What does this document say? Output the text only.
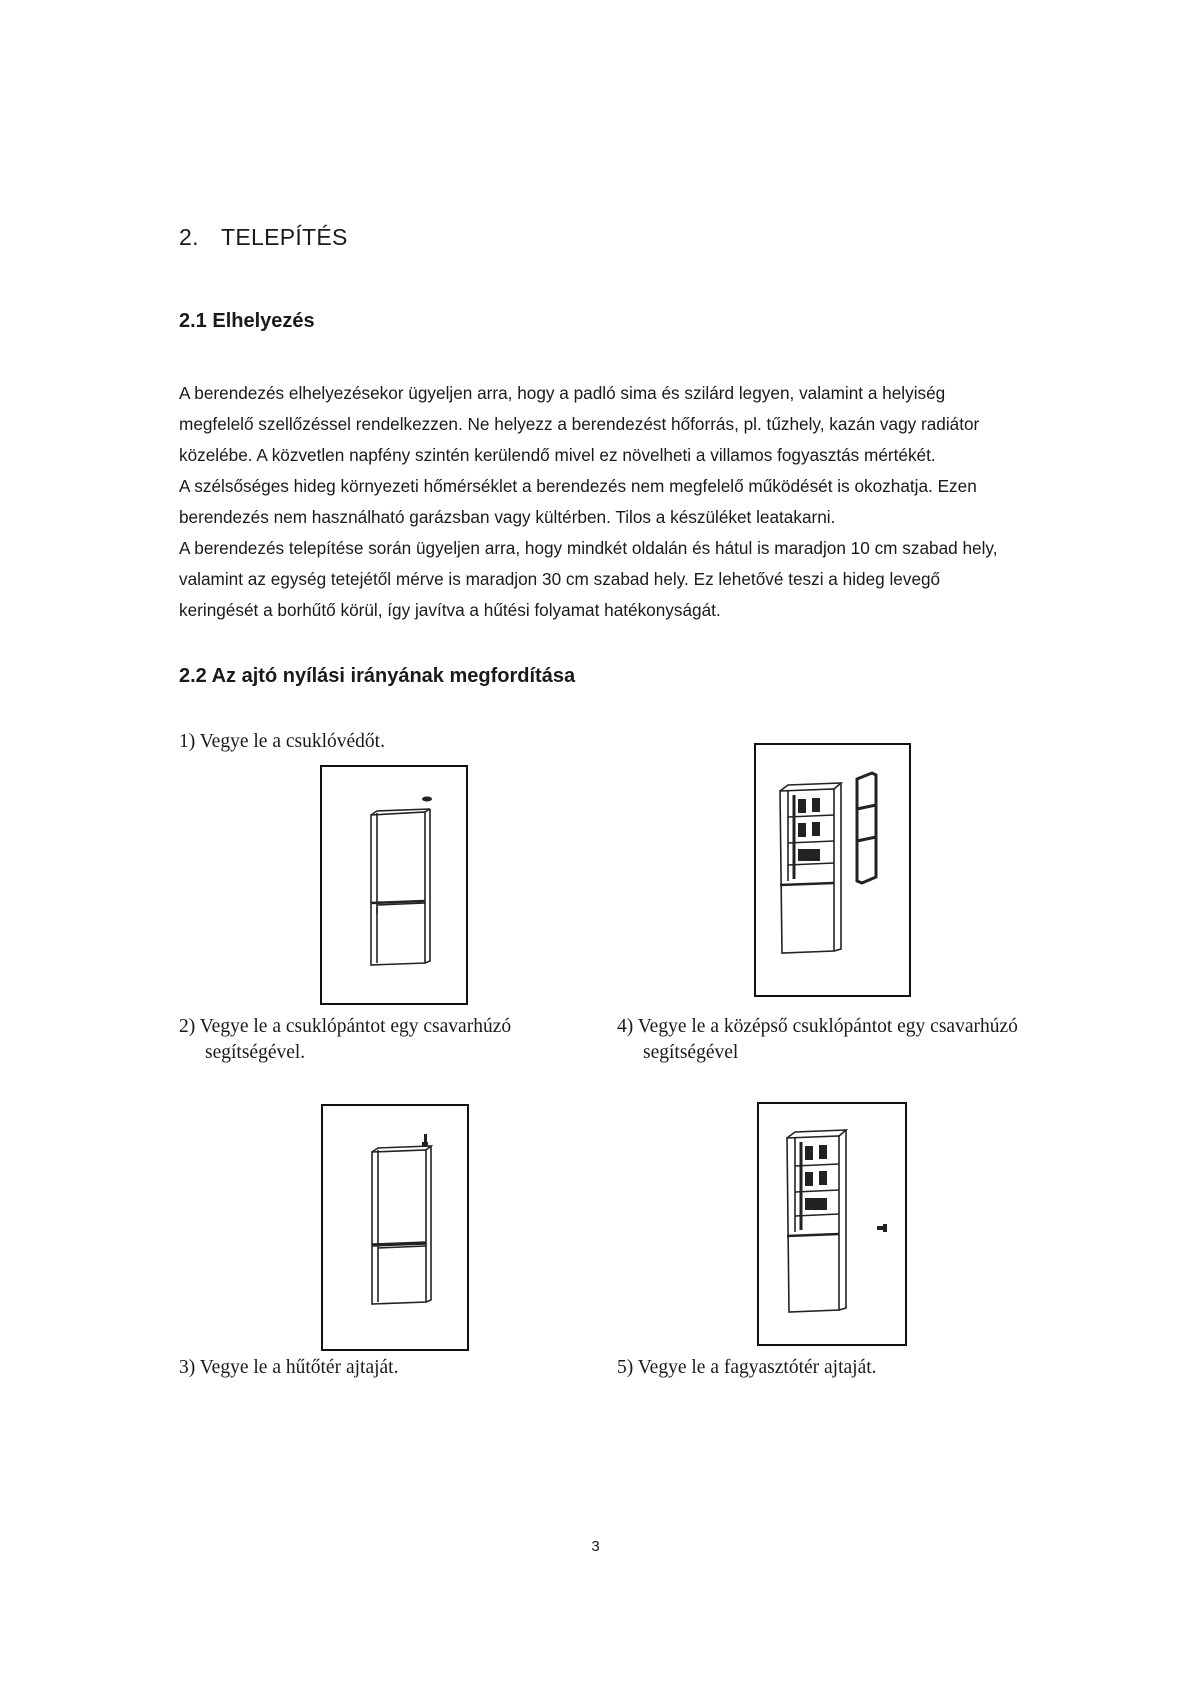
2. TELEPÍTÉS
2.1 Elhelyezés

A berendezés elhelyezésekor ügyeljen arra, hogy a padló sima és szilárd legyen, valamint a helyiség

megfelelő szellőzéssel rendelkezzen. Ne helyezz a berendezést hőforrás, pl. tűzhely, kazán vagy radiátor

közelébe. A közvetlen napfény szintén kerülendő mivel ez növelheti a villamos fogyasztás mértékét.

A szélsőséges hideg környezeti hőmérséklet a berendezés nem megfelelő működését is okozhatja. Ezen

berendezés nem használható garázsban vagy kültérben. Tilos a készüléket leatakarni.

A berendezés telepítése során ügyeljen arra, hogy mindkét oldalán és hátul is maradjon 10 cm szabad hely,

valamint az egység tetejétől mérve is maradjon 30 cm szabad hely. Ez lehetővé teszi a hideg levegő

keringését a borhűtő körül, így javítva a hűtési folyamat hatékonyságát.

2.2 Az ajtó nyílási irányának megfordítása
1) Vegye le a csuklóvédőt.
2) Vegye le a csuklópántot egy csavarhúzó
segítségével.
4) Vegye le a középső csuklópántot egy csavarhúzó
segítségével
3) Vegye le a hűtőtér ajtaját.	5) Vegye le a fagyasztótér ajtaját.
3
